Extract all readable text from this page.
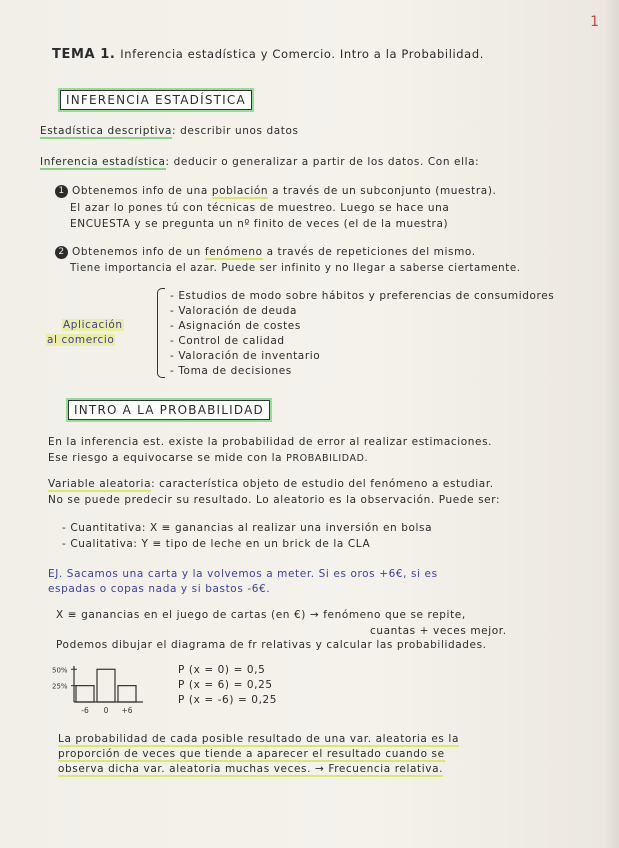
1
TEMA 1. Inferencia estadística y Comercio. Intro a la Probabilidad.
INFERENCIA ESTADÍSTICA
Estadística descriptiva: describir unos datos
Inferencia estadística: deducir o generalizar a partir de los datos. Con ella:
1 Obtenemos info de una población a través de un subconjunto (muestra).
El azar lo pones tú con técnicas de muestreo. Luego se hace una
ENCUESTA y se pregunta un nº finito de veces (el de la muestra)
2 Obtenemos info de un fenómeno a través de repeticiones del mismo.
Tiene importancia el azar. Puede ser infinito y no llegar a saberse ciertamente.
Aplicación
al comercio
- Estudios de modo sobre hábitos y preferencias de consumidores
- Valoración de deuda
- Asignación de costes
- Control de calidad
- Valoración de inventario
- Toma de decisiones
INTRO A LA PROBABILIDAD
En la inferencia est. existe la probabilidad de error al realizar estimaciones.
Ese riesgo a equivocarse se mide con la PROBABILIDAD.
Variable aleatoria: característica objeto de estudio del fenómeno a estudiar.
No se puede predecir su resultado. Lo aleatorio es la observación. Puede ser:
- Cuantitativa: X ≡ ganancias al realizar una inversión en bolsa
- Cualitativa: Y ≡ tipo de leche en un brick de la CLA
EJ. Sacamos una carta y la volvemos a meter. Si es oros +6€, si es
espadas o copas nada y si bastos -6€.
X ≡ ganancias en el juego de cartas (en €) → fenómeno que se repite,
cuantas + veces mejor.
Podemos dibujar el diagrama de fr relativas y calcular las probabilidades.
50%
25%
-6 0 +6
P (x = 0) = 0,5
P (x = 6) = 0,25
P (x = -6) = 0,25
La probabilidad de cada posible resultado de una var. aleatoria es la
proporción de veces que tiende a aparecer el resultado cuando se
observa dicha var. aleatoria muchas veces. → Frecuencia relativa.
